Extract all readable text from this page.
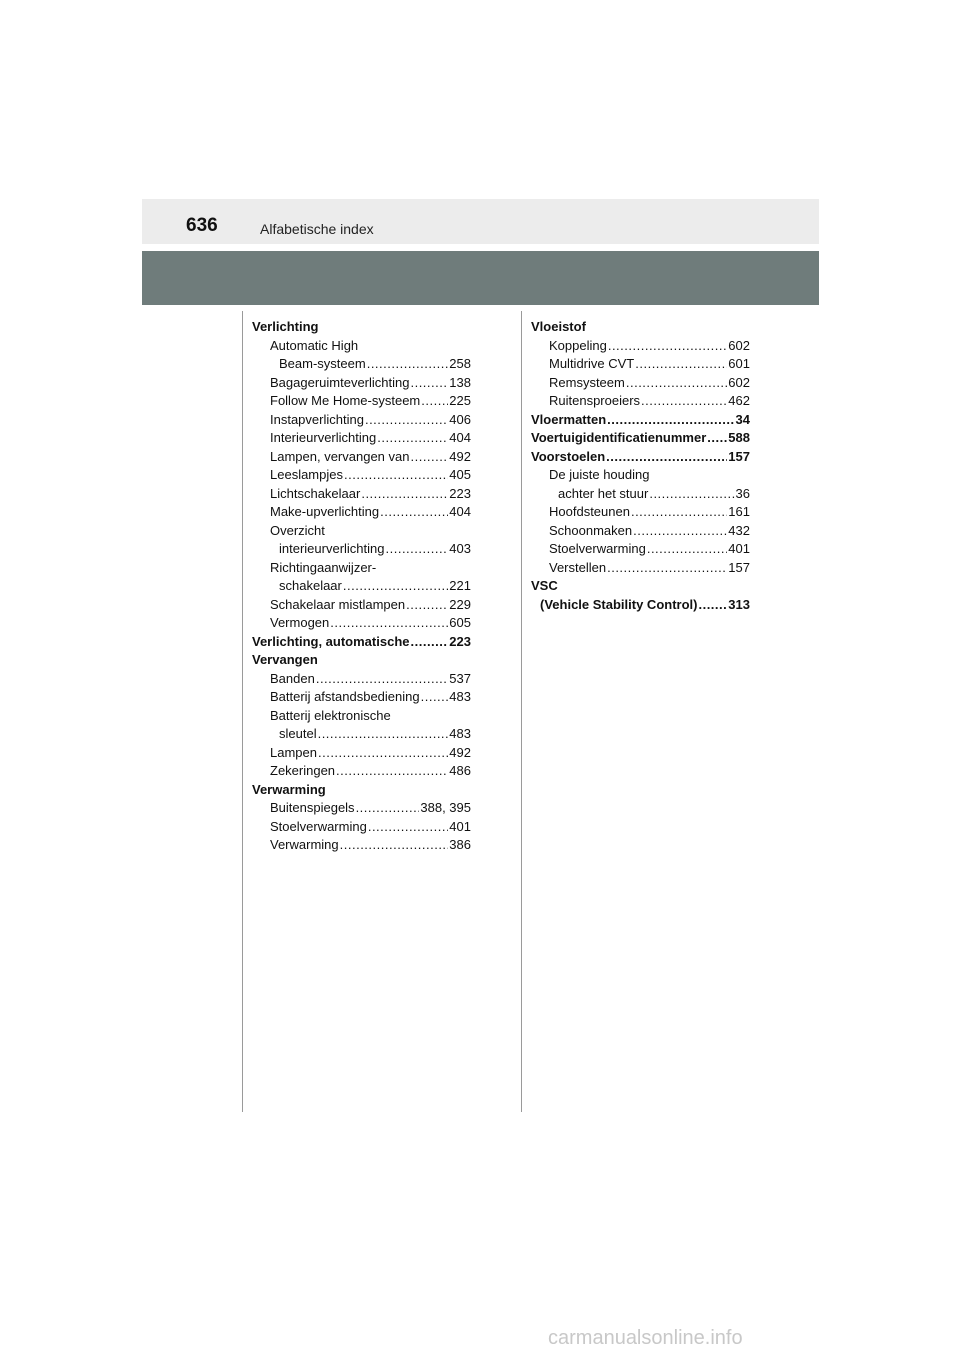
636	Alfabetische index
Verlichting
Automatic High
Beam-systeem .....	258
Bagageruimteverlichting .....	138
Follow Me Home-systeem ..... 225
Instapverlichting .....	406
Interieurverlichting .....	404
Lampen, vervangen van .....	492
Leeslampjes .....	405
Lichtschakelaar .....	223
Make-upverlichting .....	404
Overzicht
interieurverlichting .....	403
Richtingaanwijzer-
schakelaar .....	221
Schakelaar mistlampen .....	229
Vermogen .....	605
Verlichting, automatische .....	223
Vervangen
Banden .....	537
Batterij afstandsbediening ..... 483
Batterij elektronische
sleutel .....	483
Lampen .....	492
Zekeringen .....	486
Verwarming
Buitenspiegels .....	388, 395
Stoelverwarming .....	401
Verwarming .....	386
Vloeistof
Koppeling .....	602
Multidrive CVT .....	601
Remsysteem .....	602
Ruitensproeiers .....	462
Vloermatten .....	34
Voertuigidentificatienummer ..... 588
Voorstoelen .....	157
De juiste houding
achter het stuur .....	36
Hoofdsteunen .....	161
Schoonmaken .....	432
Stoelverwarming .....	401
Verstellen .....	157
VSC
(Vehicle Stability Control) ..... 313
carmanualsonline.info
